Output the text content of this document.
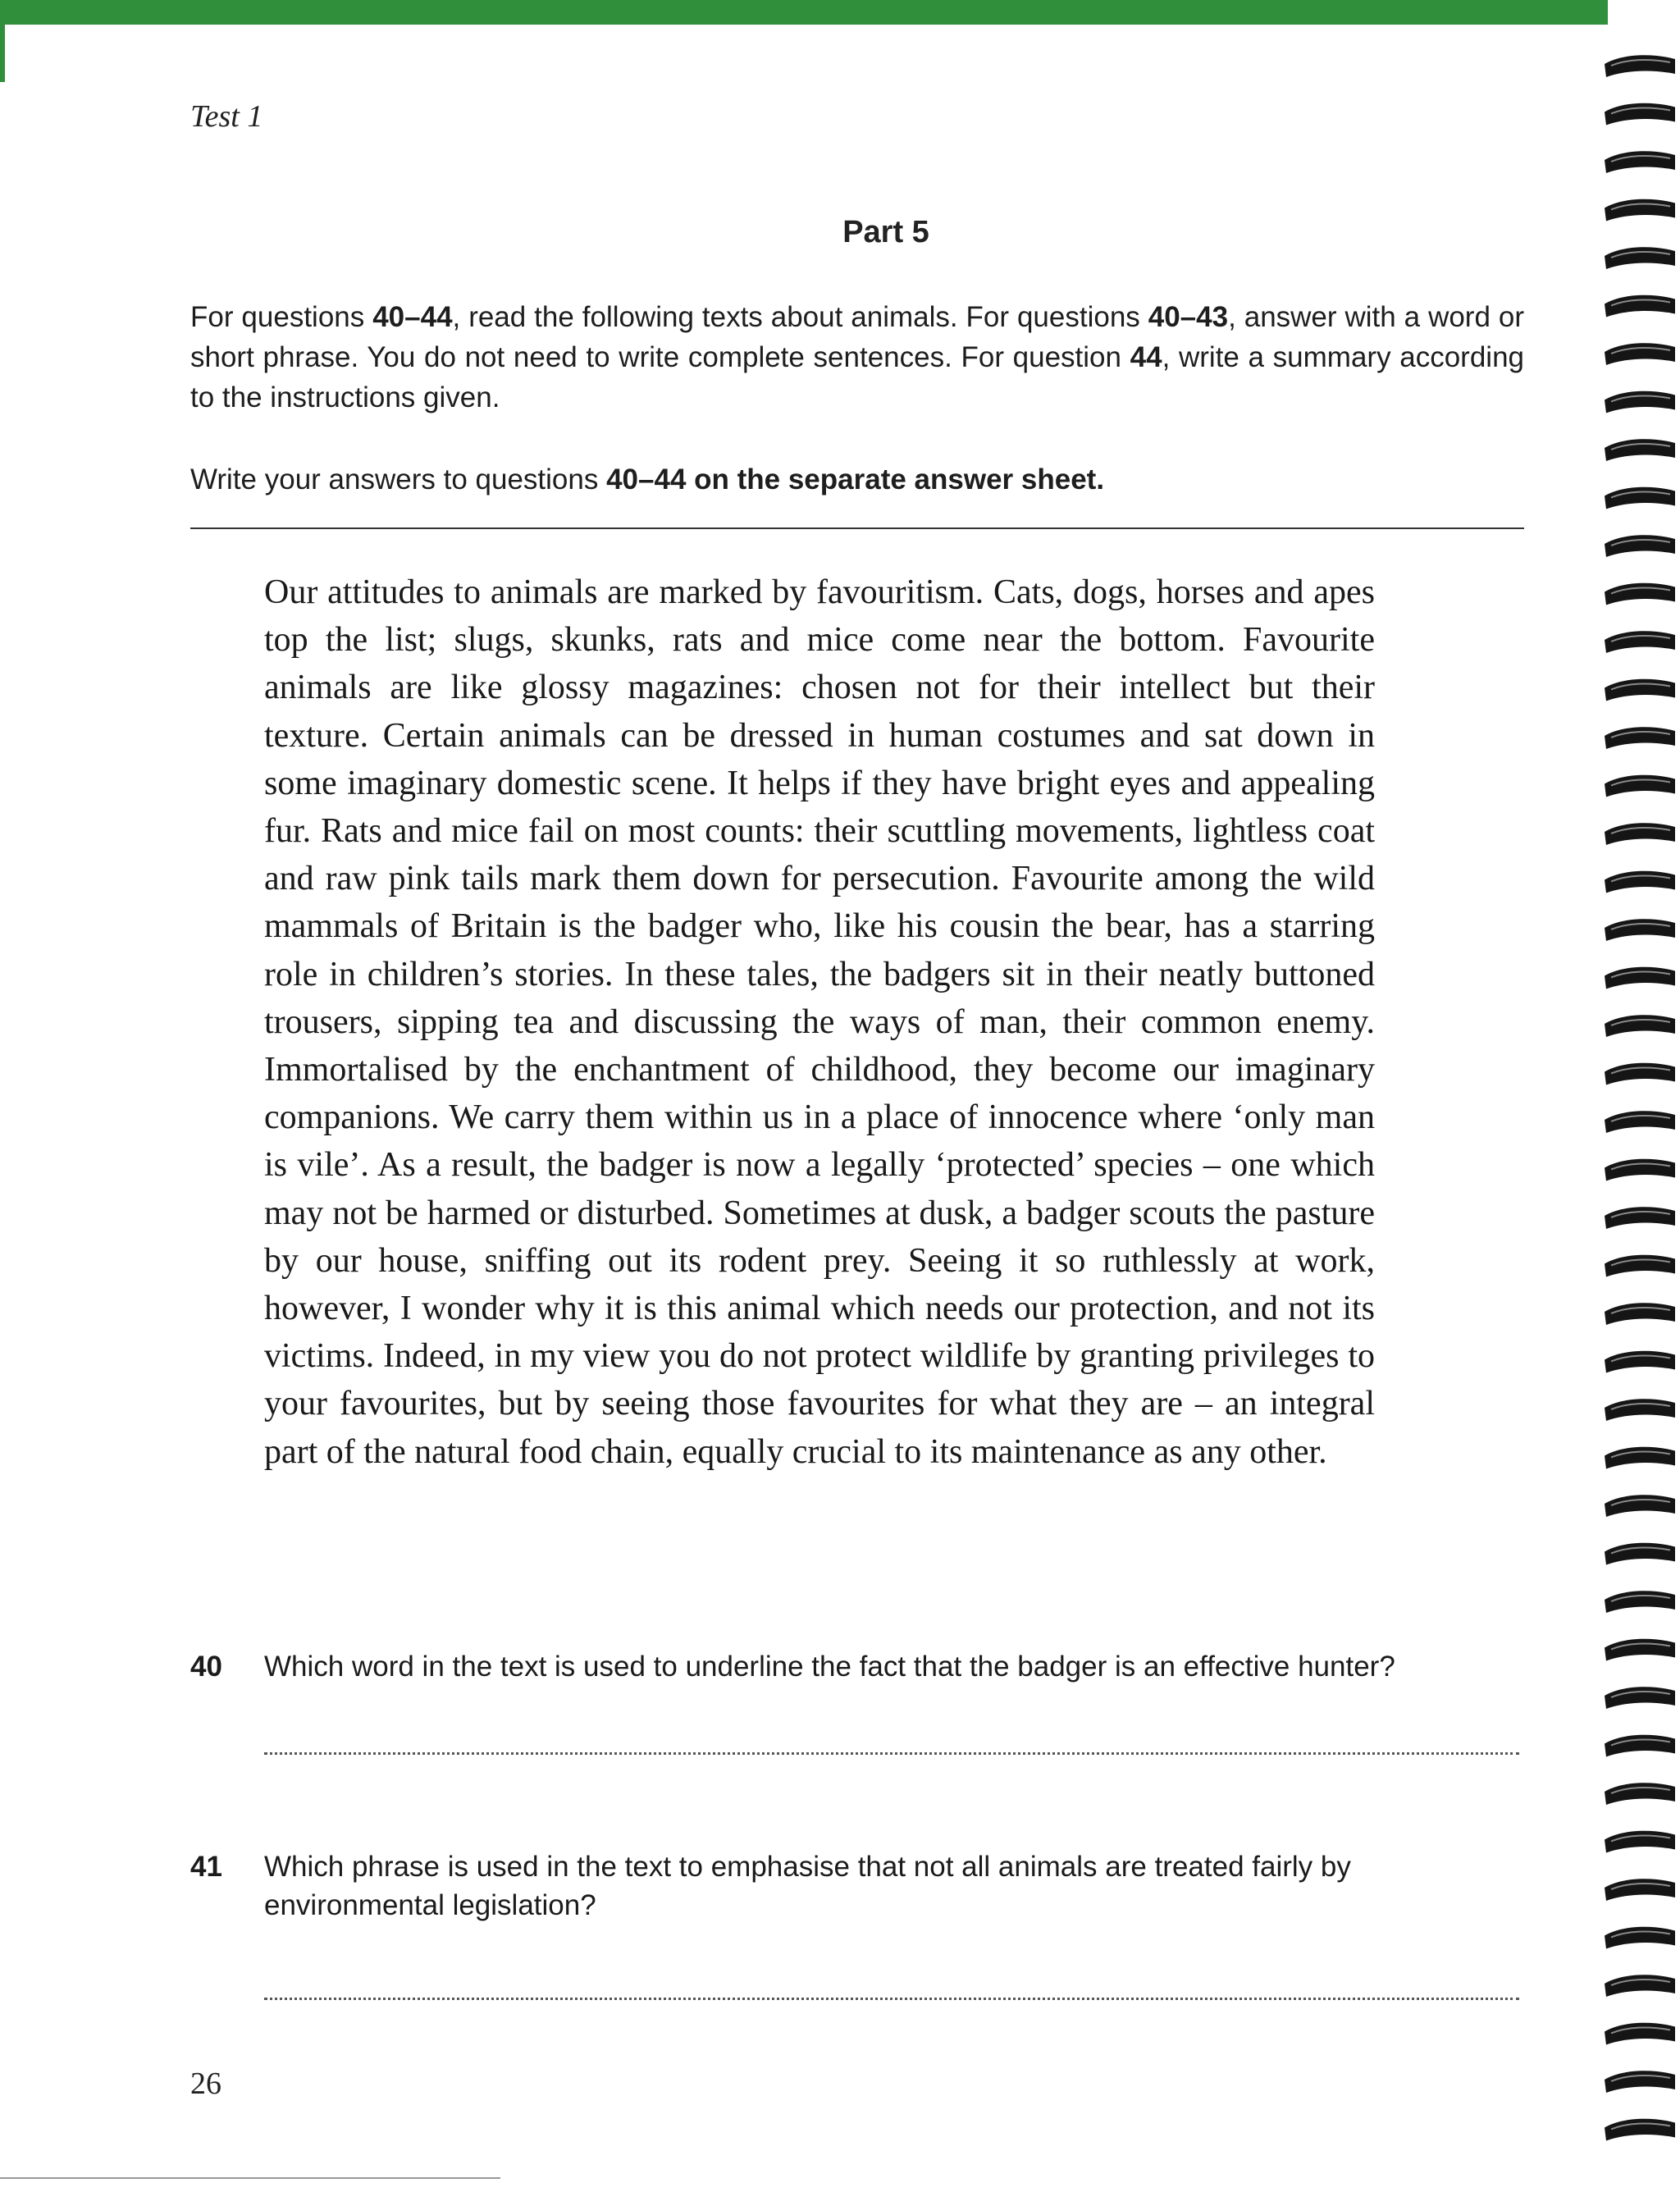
Test 1
Part 5
For questions 40–44, read the following texts about animals. For questions 40–43, answer with a word or short phrase. You do not need to write complete sentences. For question 44, write a summary according to the instructions given.
Write your answers to questions 40–44 on the separate answer sheet.
Our attitudes to animals are marked by favouritism. Cats, dogs, horses and apes top the list; slugs, skunks, rats and mice come near the bottom. Favourite animals are like glossy magazines: chosen not for their intellect but their texture. Certain animals can be dressed in human costumes and sat down in some imaginary domestic scene. It helps if they have bright eyes and appealing fur. Rats and mice fail on most counts: their scuttling movements, lightless coat and raw pink tails mark them down for persecution. Favourite among the wild mammals of Britain is the badger who, like his cousin the bear, has a starring role in children’s stories. In these tales, the badgers sit in their neatly buttoned trousers, sipping tea and discussing the ways of man, their common enemy. Immortalised by the enchantment of childhood, they become our imaginary companions. We carry them within us in a place of innocence where ‘only man is vile’. As a result, the badger is now a legally ‘protected’ species – one which may not be harmed or disturbed. Sometimes at dusk, a badger scouts the pasture by our house, sniffing out its rodent prey. Seeing it so ruthlessly at work, however, I wonder why it is this animal which needs our protection, and not its victims. Indeed, in my view you do not protect wildlife by granting privileges to your favourites, but by seeing those favourites for what they are – an integral part of the natural food chain, equally crucial to its maintenance as any other.
40 Which word in the text is used to underline the fact that the badger is an effective hunter?
41 Which phrase is used in the text to emphasise that not all animals are treated fairly by environmental legislation?
26
